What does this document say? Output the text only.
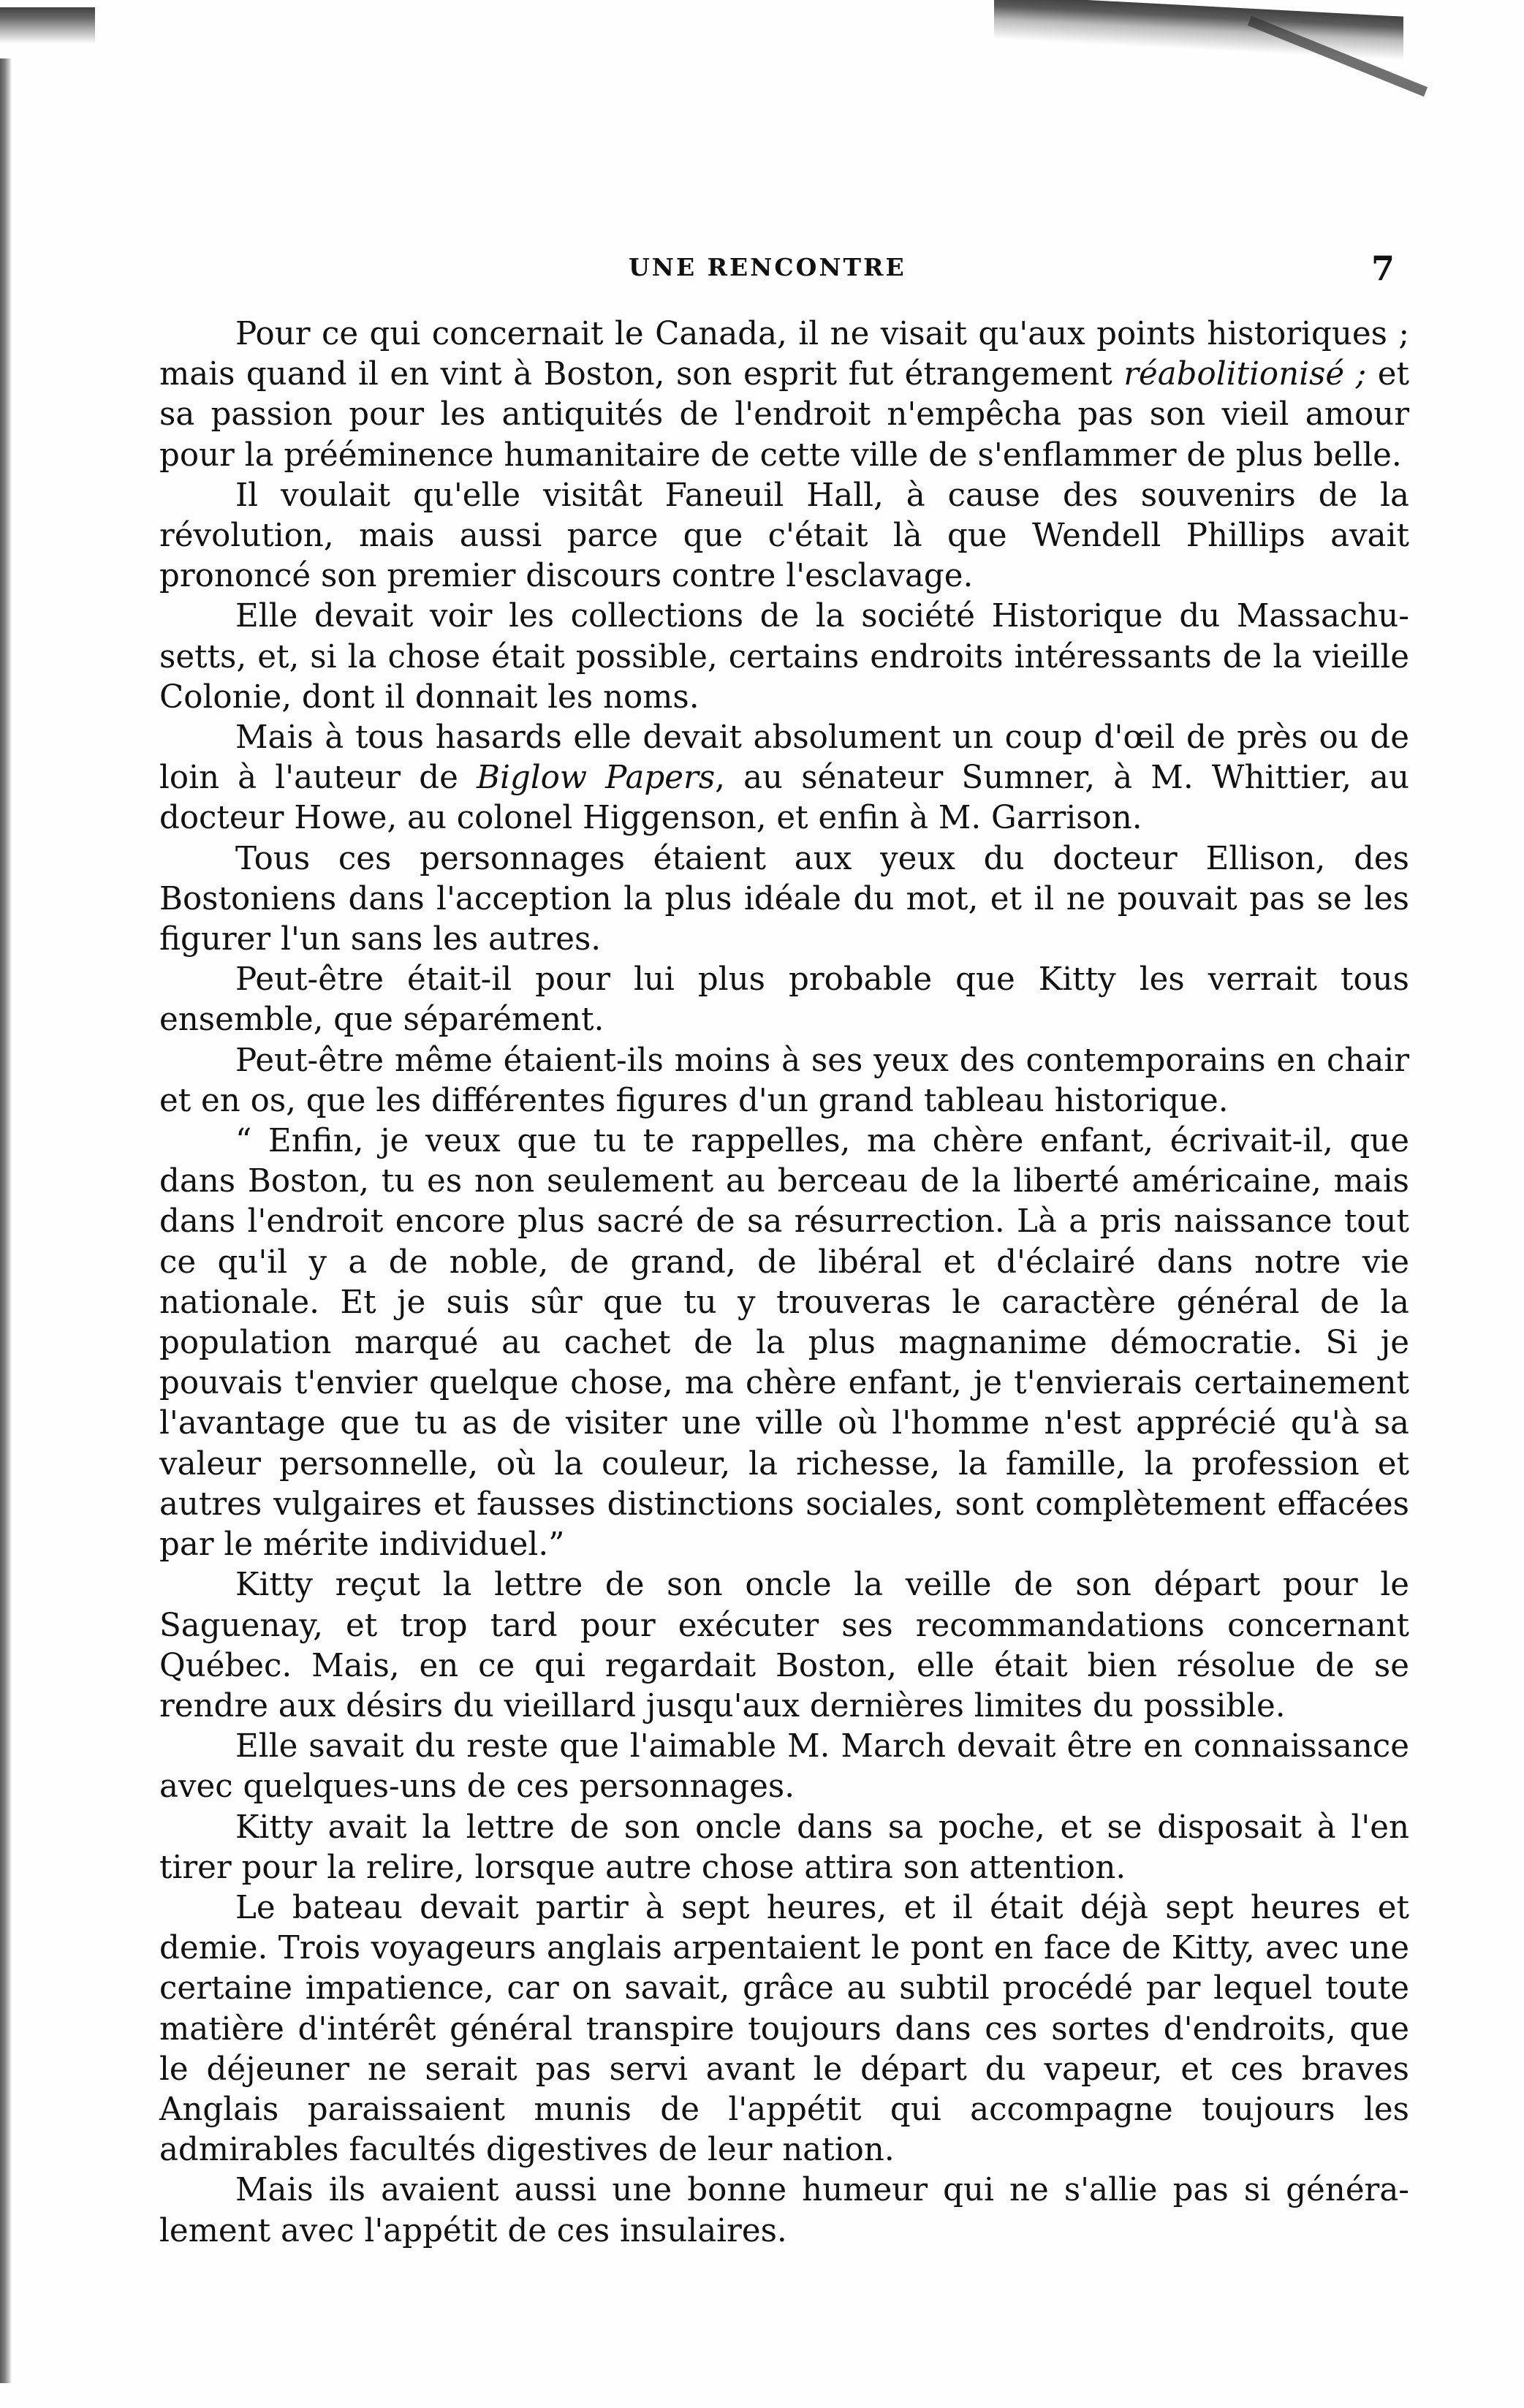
UNE RENCONTRE	7

Pour ce qui concernait le Canada, il ne visait qu'aux points historiques ; mais quand il en vint à Boston, son esprit fut étrangement réabolitionisé ; et sa passion pour les antiquités de l'endroit n'empêcha pas son vieil amour pour la prééminence humanitaire de cette ville de s'enflammer de plus belle.

Il voulait qu'elle visitât Faneuil Hall, à cause des souvenirs de la révolution, mais aussi parce que c'était là que Wendell Phillips avait prononcé son premier discours contre l'esclavage.

Elle devait voir les collections de la société Historique du Massachusetts, et, si la chose était possible, certains endroits intéressants de la vieille Colonie, dont il donnait les noms.

Mais à tous hasards elle devait absolument un coup d'œil de près ou de loin à l'auteur de Biglow Papers, au sénateur Sumner, à M. Whittier, au docteur Howe, au colonel Higgenson, et enfin à M. Garrison.

Tous ces personnages étaient aux yeux du docteur Ellison, des Bostoniens dans l'acception la plus idéale du mot, et il ne pouvait pas se les figurer l'un sans les autres.

Peut-être était-il pour lui plus probable que Kitty les verrait tous ensemble, que séparément.

Peut-être même étaient-ils moins à ses yeux des contemporains en chair et en os, que les différentes figures d'un grand tableau historique.

“ Enfin, je veux que tu te rappelles, ma chère enfant, écrivait-il, que dans Boston, tu es non seulement au berceau de la liberté américaine, mais dans l'endroit encore plus sacré de sa résurrection. Là a pris naissance tout ce qu'il y a de noble, de grand, de libéral et d'éclairé dans notre vie nationale. Et je suis sûr que tu y trouveras le caractère général de la population marqué au cachet de la plus magnanime démocratie. Si je pouvais t'envier quelque chose, ma chère enfant, je t'envierais certainement l'avantage que tu as de visiter une ville où l'homme n'est apprécié qu'à sa valeur personnelle, où la couleur, la richesse, la famille, la profession et autres vulgaires et fausses distinctions sociales, sont complètement effacées par le mérite individuel.”

Kitty reçut la lettre de son oncle la veille de son départ pour le Saguenay, et trop tard pour exécuter ses recommandations concernant Québec. Mais, en ce qui regardait Boston, elle était bien résolue de se rendre aux désirs du vieillard jusqu'aux dernières limites du possible.

Elle savait du reste que l'aimable M. March devait être en connaissance avec quelques-uns de ces personnages.

Kitty avait la lettre de son oncle dans sa poche, et se disposait à l'en tirer pour la relire, lorsque autre chose attira son attention.

Le bateau devait partir à sept heures, et il était déjà sept heures et demie. Trois voyageurs anglais arpentaient le pont en face de Kitty, avec une certaine impatience, car on savait, grâce au subtil procédé par lequel toute matière d'intérêt général transpire toujours dans ces sortes d'endroits, que le déjeuner ne serait pas servi avant le départ du vapeur, et ces braves Anglais paraissaient munis de l'appétit qui accompagne toujours les admirables facultés digestives de leur nation.

Mais ils avaient aussi une bonne humeur qui ne s'allie pas si généralement avec l'appétit de ces insulaires.
